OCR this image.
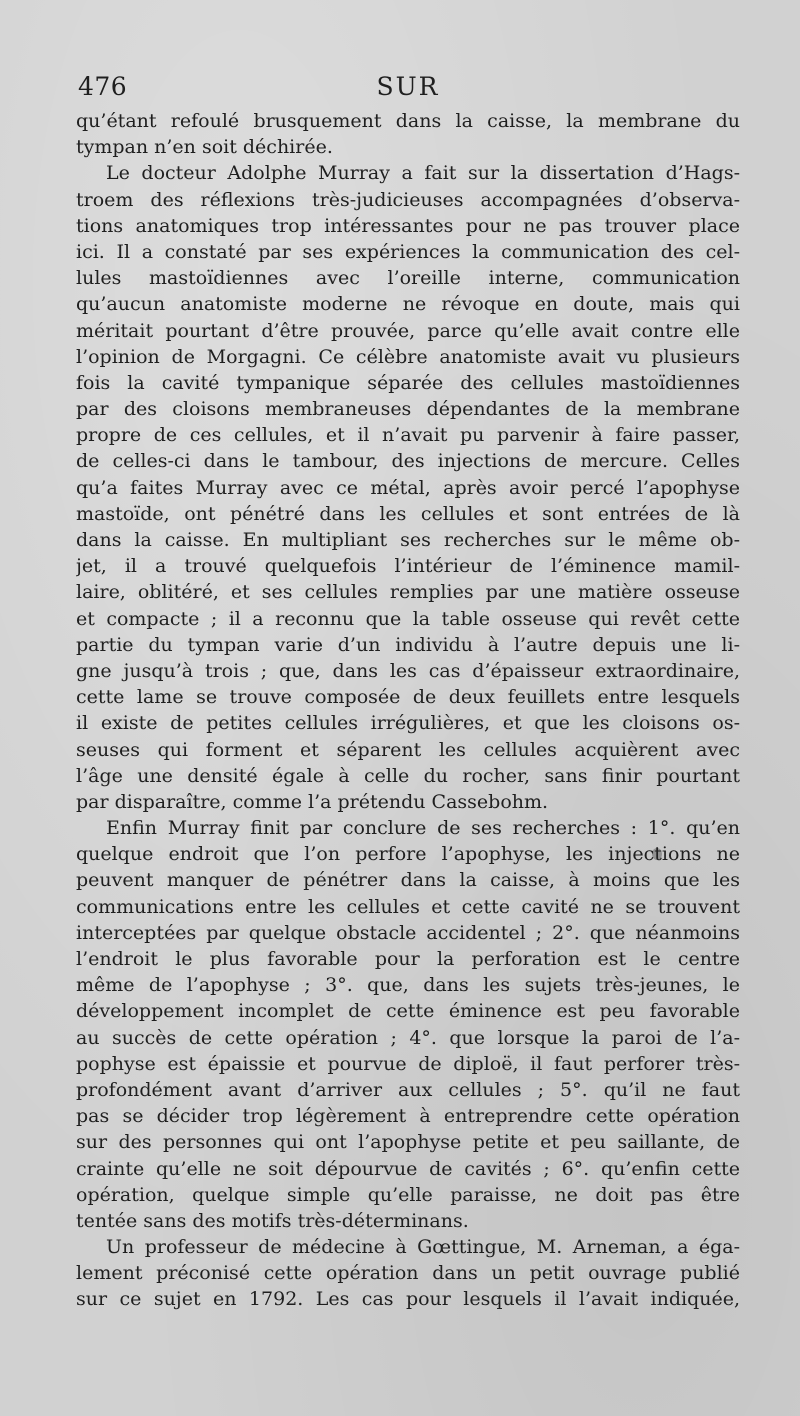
476	SUR
qu’étant refoulé brusquement dans la caisse, la membrane du
tympan n’en soit déchirée.
Le docteur Adolphe Murray a fait sur la dissertation d’Hags-
troem des réflexions très-judicieuses accompagnées d’observa-
tions anatomiques trop intéressantes pour ne pas trouver place
ici. Il a constaté par ses expériences la communication des cel-
lules mastoïdiennes avec l’oreille interne, communication
qu’aucun anatomiste moderne ne révoque en doute, mais qui
méritait pourtant d’être prouvée, parce qu’elle avait contre elle
l’opinion de Morgagni. Ce célèbre anatomiste avait vu plusieurs
fois la cavité tympanique séparée des cellules mastoïdiennes
par des cloisons membraneuses dépendantes de la membrane
propre de ces cellules, et il n’avait pu parvenir à faire passer,
de celles-ci dans le tambour, des injections de mercure. Celles
qu’a faites Murray avec ce métal, après avoir percé l’apophyse
mastoïde, ont pénétré dans les cellules et sont entrées de là
dans la caisse. En multipliant ses recherches sur le même ob-
jet, il a trouvé quelquefois l’intérieur de l’éminence mamil-
laire, oblitéré, et ses cellules remplies par une matière osseuse
et compacte ; il a reconnu que la table osseuse qui revêt cette
partie du tympan varie d’un individu à l’autre depuis une li-
gne jusqu’à trois ; que, dans les cas d’épaisseur extraordinaire,
cette lame se trouve composée de deux feuillets entre lesquels
il existe de petites cellules irrégulières, et que les cloisons os-
seuses qui forment et séparent les cellules acquièrent avec
l’âge une densité égale à celle du rocher, sans finir pourtant
par disparaître, comme l’a prétendu Cassebohm.
Enfin Murray finit par conclure de ses recherches : 1°. qu’en
quelque endroit que l’on perfore l’apophyse, les injections ne
peuvent manquer de pénétrer dans la caisse, à moins que les
communications entre les cellules et cette cavité ne se trouvent
interceptées par quelque obstacle accidentel ; 2°. que néanmoins
l’endroit le plus favorable pour la perforation est le centre
même de l’apophyse ; 3°. que, dans les sujets très-jeunes, le
développement incomplet de cette éminence est peu favorable
au succès de cette opération ; 4°. que lorsque la paroi de l’a-
pophyse est épaissie et pourvue de diploë, il faut perforer très-
profondément avant d’arriver aux cellules ; 5°. qu’il ne faut
pas se décider trop légèrement à entreprendre cette opération
sur des personnes qui ont l’apophyse petite et peu saillante, de
crainte qu’elle ne soit dépourvue de cavités ; 6°. qu’enfin cette
opération, quelque simple qu’elle paraisse, ne doit pas être
tentée sans des motifs très-déterminans.
Un professeur de médecine à Gœttingue, M. Arneman, a éga-
lement préconisé cette opération dans un petit ouvrage publié
sur ce sujet en 1792. Les cas pour lesquels il l’avait indiquée,
